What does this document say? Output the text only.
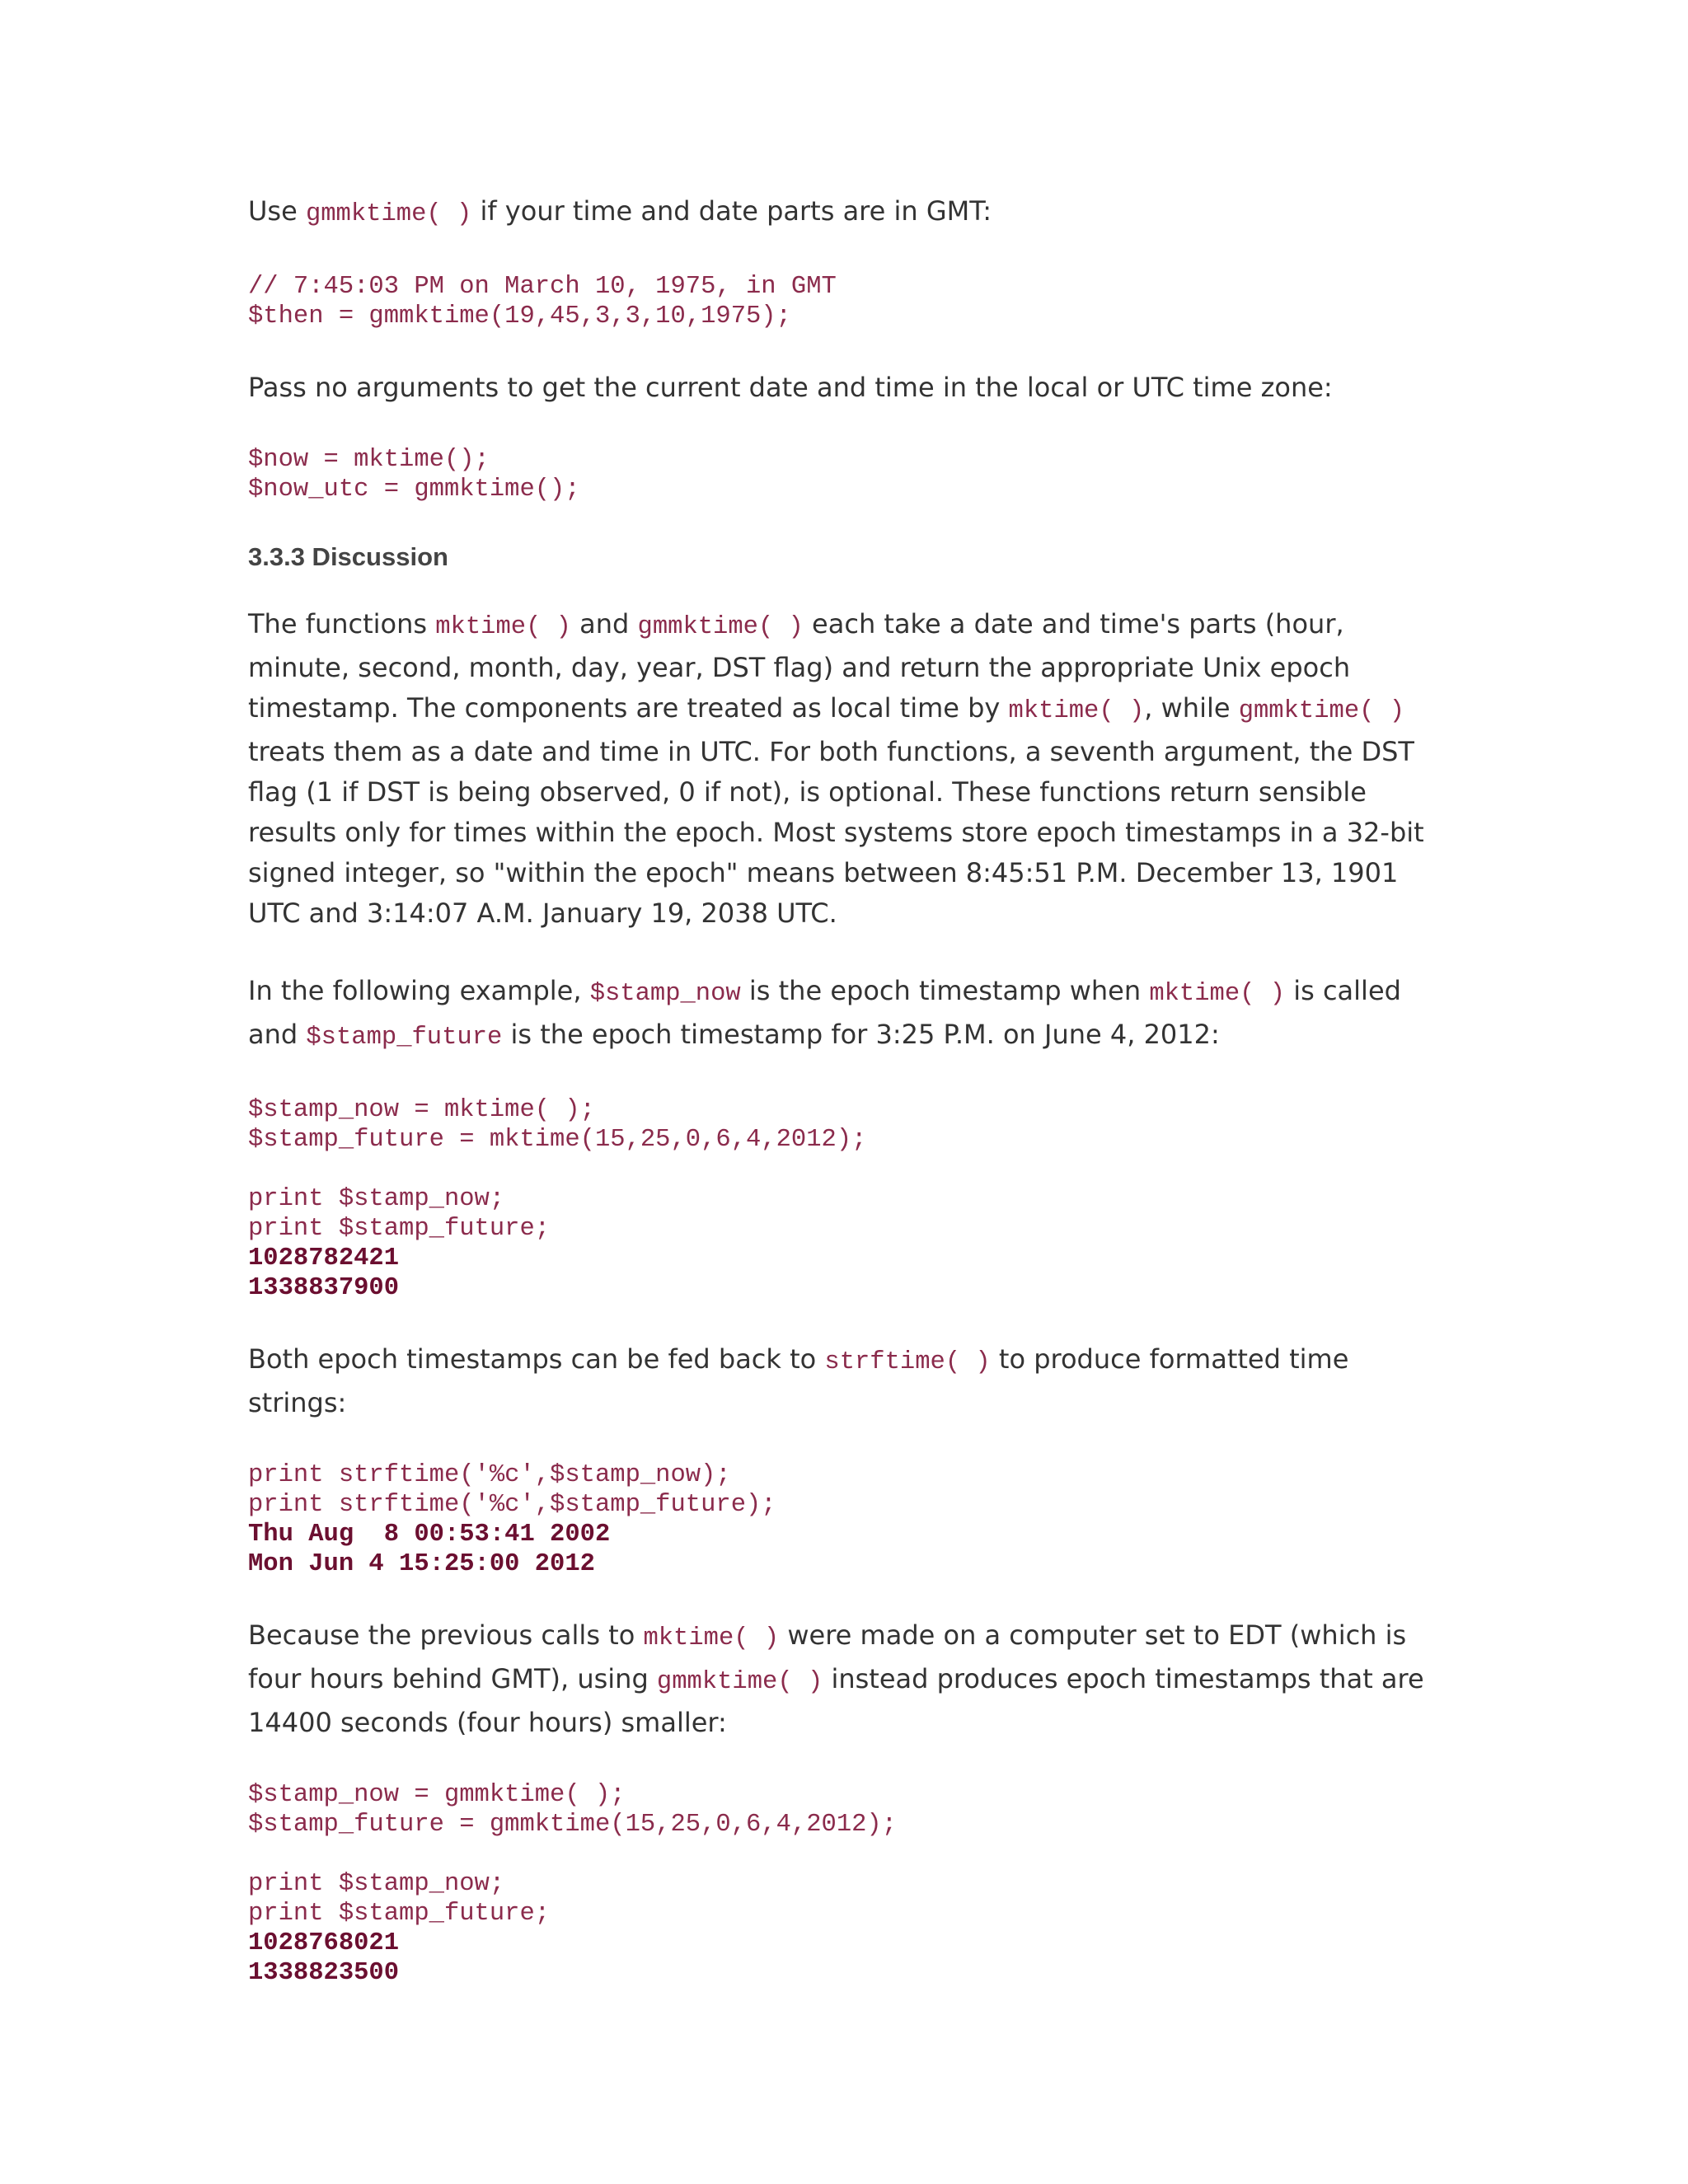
Use gmmktime( ) if your time and date parts are in GMT:

// 7:45:03 PM on March 10, 1975, in GMT
$then = gmmktime(19,45,3,3,10,1975);

Pass no arguments to get the current date and time in the local or UTC time zone:

$now = mktime();
$now_utc = gmmktime();
3.3.3 Discussion

The functions mktime( ) and gmmktime( ) each take a date and time's parts (hour, minute, second, month, day, year, DST flag) and return the appropriate Unix epoch timestamp. The components are treated as local time by mktime( ), while gmmktime( ) treats them as a date and time in UTC. For both functions, a seventh argument, the DST flag (1 if DST is being observed, 0 if not), is optional. These functions return sensible results only for times within the epoch. Most systems store epoch timestamps in a 32-bit signed integer, so "within the epoch" means between 8:45:51 P.M. December 13, 1901 UTC and 3:14:07 A.M. January 19, 2038 UTC.

In the following example, $stamp_now is the epoch timestamp when mktime( ) is called and $stamp_future is the epoch timestamp for 3:25 P.M. on June 4, 2012:

$stamp_now = mktime( );
$stamp_future = mktime(15,25,0,6,4,2012);
print $stamp_now;
print $stamp_future;
1028782421
1338837900

Both epoch timestamps can be fed back to strftime( ) to produce formatted time strings:

print strftime('%c',$stamp_now);
print strftime('%c',$stamp_future);
Thu Aug  8 00:53:41 2002
Mon Jun 4 15:25:00 2012

Because the previous calls to mktime( ) were made on a computer set to EDT (which is four hours behind GMT), using gmmktime( ) instead produces epoch timestamps that are 14400 seconds (four hours) smaller:

$stamp_now = gmmktime( );
$stamp_future = gmmktime(15,25,0,6,4,2012);
print $stamp_now;
print $stamp_future;
1028768021
1338823500
